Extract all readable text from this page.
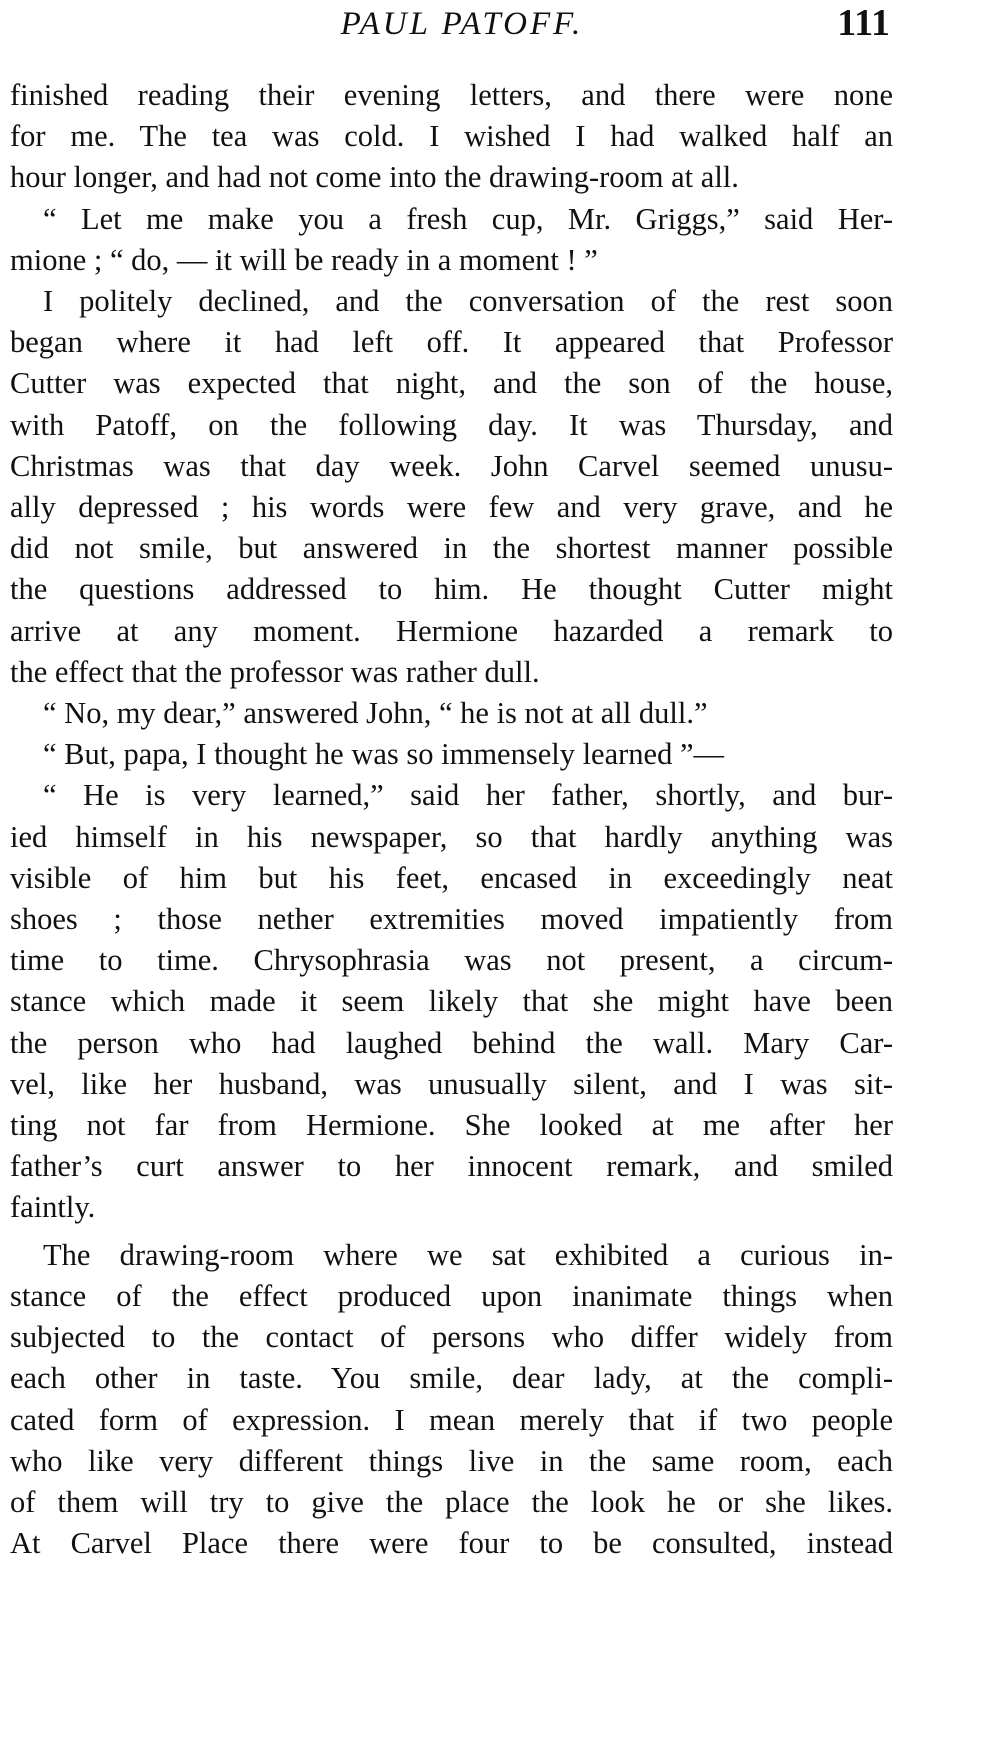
PAUL PATOFF.	111

finished reading their evening letters, and there were none
for me. The tea was cold. I wished I had walked half an
hour longer, and had not come into the drawing-room at all.

“ Let me make you a fresh cup, Mr. Griggs,” said Her-
mione ; “ do, — it will be ready in a moment ! ”

I politely declined, and the conversation of the rest soon
began where it had left off. It appeared that Professor
Cutter was expected that night, and the son of the house,
with Patoff, on the following day. It was Thursday, and
Christmas was that day week. John Carvel seemed unusu-
ally depressed ; his words were few and very grave, and he
did not smile, but answered in the shortest manner possible
the questions addressed to him. He thought Cutter might
arrive at any moment. Hermione hazarded a remark to
the effect that the professor was rather dull.

“ No, my dear,” answered John, “ he is not at all dull.”

“ But, papa, I thought he was so immensely learned ”—

“ He is very learned,” said her father, shortly, and bur-
ied himself in his newspaper, so that hardly anything was
visible of him but his feet, encased in exceedingly neat
shoes ; those nether extremities moved impatiently from
time to time. Chrysophrasia was not present, a circum-
stance which made it seem likely that she might have been
the person who had laughed behind the wall. Mary Car-
vel, like her husband, was unusually silent, and I was sit-
ting not far from Hermione. She looked at me after her
father’s curt answer to her innocent remark, and smiled
faintly.

The drawing-room where we sat exhibited a curious in-
stance of the effect produced upon inanimate things when
subjected to the contact of persons who differ widely from
each other in taste. You smile, dear lady, at the compli-
cated form of expression. I mean merely that if two people
who like very different things live in the same room, each
of them will try to give the place the look he or she likes.
At Carvel Place there were four to be consulted, instead
